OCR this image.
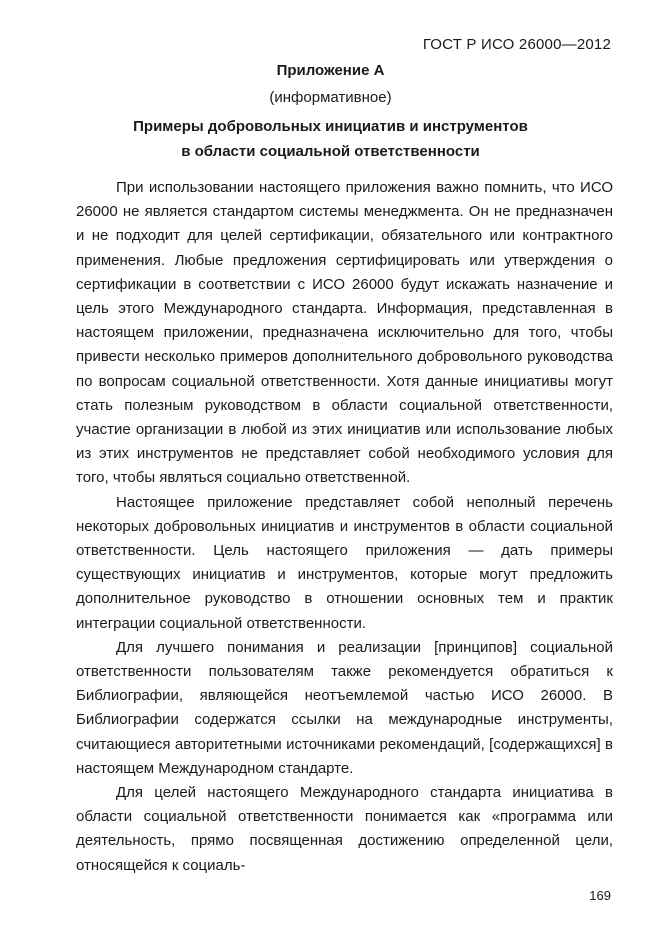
ГОСТ Р ИСО 26000—2012
Приложение А
(информативное)
Примеры добровольных инициатив и инструментов
в области социальной ответственности

При использовании настоящего приложения важно помнить, что ИСО 26000 не является стандартом системы менеджмента. Он не предназначен и не подходит для целей сертификации, обязательного или контрактного применения. Любые предложения сертифицировать или утверждения о сертификации в соответствии с ИСО 26000 будут искажать назначение и цель этого Международного стандарта. Информация, представленная в настоящем приложении, предназначена исключительно для того, чтобы привести несколько примеров дополнительного добровольного руководства по вопросам социальной ответственности. Хотя данные инициативы могут стать полезным руководством в области социальной ответственности, участие организации в любой из этих инициатив или использование любых из этих инструментов не представляет собой необходимого условия для того, чтобы являться социально ответственной.

Настоящее приложение представляет собой неполный перечень некоторых добровольных инициатив и инструментов в области социальной ответственности. Цель настоящего приложения — дать примеры существующих инициатив и инструментов, которые могут предложить дополнительное руководство в отношении основных тем и практик интеграции социальной ответственности.

Для лучшего понимания и реализации [принципов] социальной ответственности пользователям также рекомендуется обратиться к Библиографии, являющейся неотъемлемой частью ИСО 26000. В Библиографии содержатся ссылки на международные инструменты, считающиеся авторитетными источниками рекомендаций, [содержащихся] в настоящем Международном стандарте.

Для целей настоящего Международного стандарта инициатива в области социальной ответственности понимается как «программа или деятельность, прямо посвященная достижению определенной цели, относящейся к социаль-

169
